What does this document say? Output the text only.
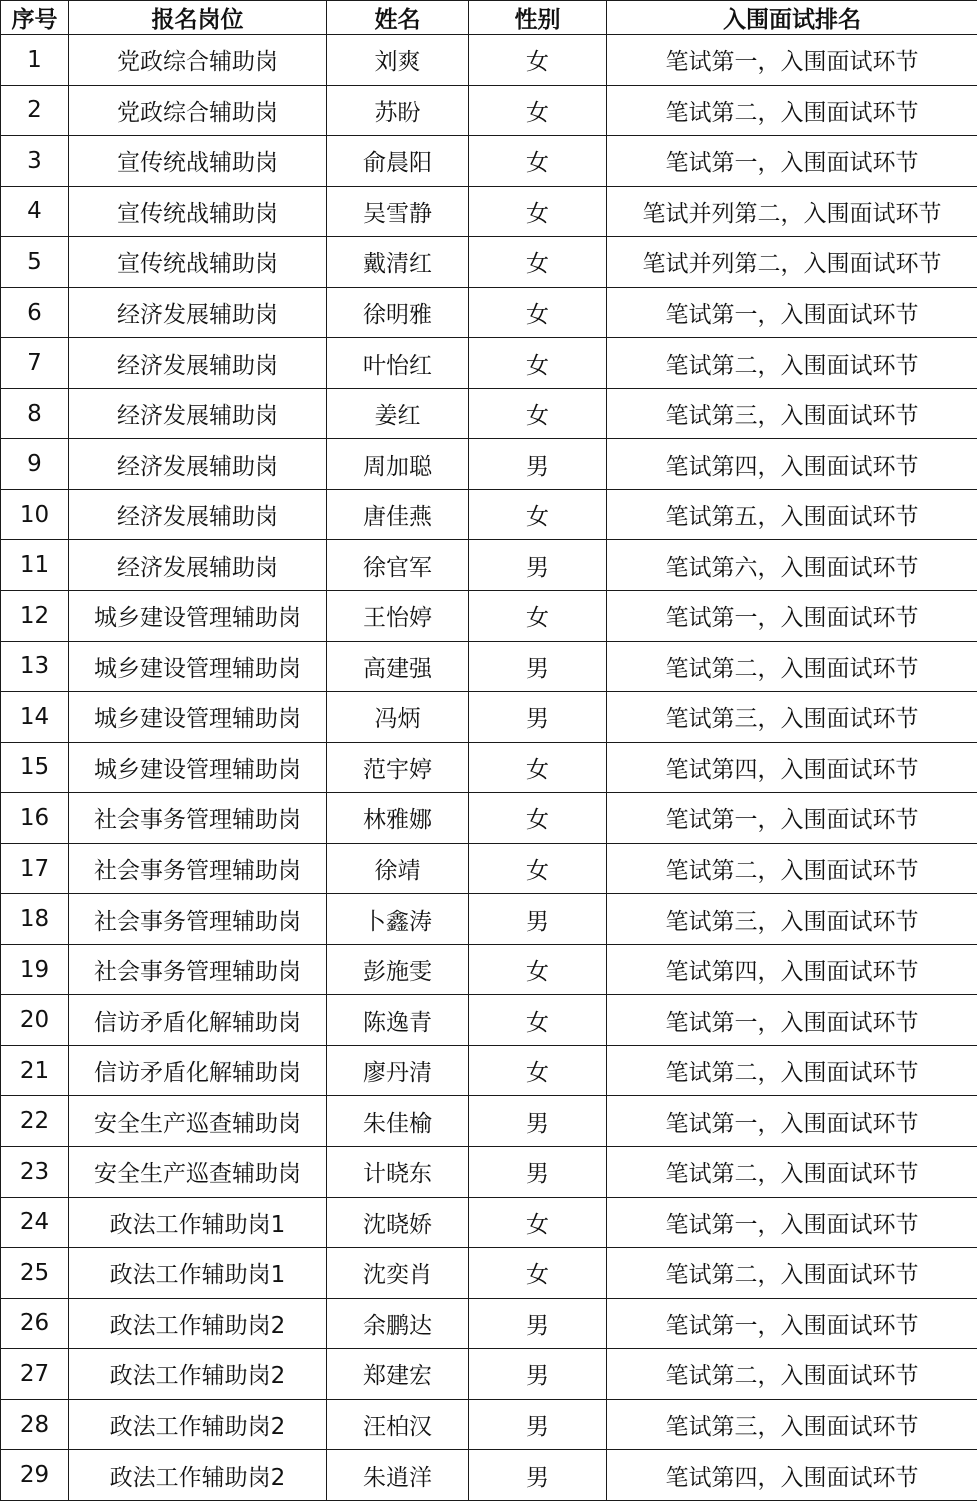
序号	报名岗位	姓名	性别	入围面试排名
1	党政综合辅助岗	刘爽	女	笔试第一，入围面试环节
2	党政综合辅助岗	苏盼	女	笔试第二，入围面试环节
3	宣传统战辅助岗	俞晨阳	女	笔试第一，入围面试环节
4	宣传统战辅助岗	吴雪静	女	笔试并列第二，入围面试环节
5	宣传统战辅助岗	戴清红	女	笔试并列第二，入围面试环节
6	经济发展辅助岗	徐明雅	女	笔试第一，入围面试环节
7	经济发展辅助岗	叶怡红	女	笔试第二，入围面试环节
8	经济发展辅助岗	姜红	女	笔试第三，入围面试环节
9	经济发展辅助岗	周加聪	男	笔试第四，入围面试环节
10	经济发展辅助岗	唐佳燕	女	笔试第五，入围面试环节
11	经济发展辅助岗	徐官军	男	笔试第六，入围面试环节
12	城乡建设管理辅助岗	王怡婷	女	笔试第一，入围面试环节
13	城乡建设管理辅助岗	高建强	男	笔试第二，入围面试环节
14	城乡建设管理辅助岗	冯炳	男	笔试第三，入围面试环节
15	城乡建设管理辅助岗	范宇婷	女	笔试第四，入围面试环节
16	社会事务管理辅助岗	林雅娜	女	笔试第一，入围面试环节
17	社会事务管理辅助岗	徐靖	女	笔试第二，入围面试环节
18	社会事务管理辅助岗	卜鑫涛	男	笔试第三，入围面试环节
19	社会事务管理辅助岗	彭施雯	女	笔试第四，入围面试环节
20	信访矛盾化解辅助岗	陈逸青	女	笔试第一，入围面试环节
21	信访矛盾化解辅助岗	廖丹清	女	笔试第二，入围面试环节
22	安全生产巡查辅助岗	朱佳榆	男	笔试第一，入围面试环节
23	安全生产巡查辅助岗	计晓东	男	笔试第二，入围面试环节
24	政法工作辅助岗1	沈晓娇	女	笔试第一，入围面试环节
25	政法工作辅助岗1	沈奕肖	女	笔试第二，入围面试环节
26	政法工作辅助岗2	余鹏达	男	笔试第一，入围面试环节
27	政法工作辅助岗2	郑建宏	男	笔试第二，入围面试环节
28	政法工作辅助岗2	汪柏汉	男	笔试第三，入围面试环节
29	政法工作辅助岗2	朱逍洋	男	笔试第四，入围面试环节
